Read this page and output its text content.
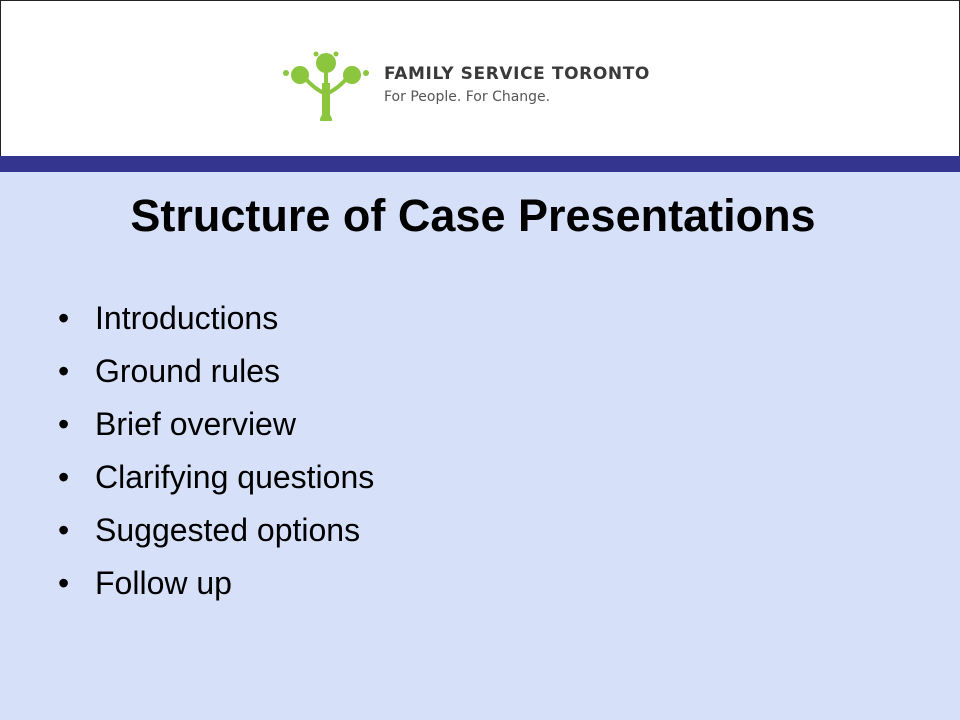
FAMILY SERVICE TORONTO
For People. For Change.
Structure of Case Presentations
• Introductions
• Ground rules
• Brief overview
• Clarifying questions
• Suggested options
• Follow up
